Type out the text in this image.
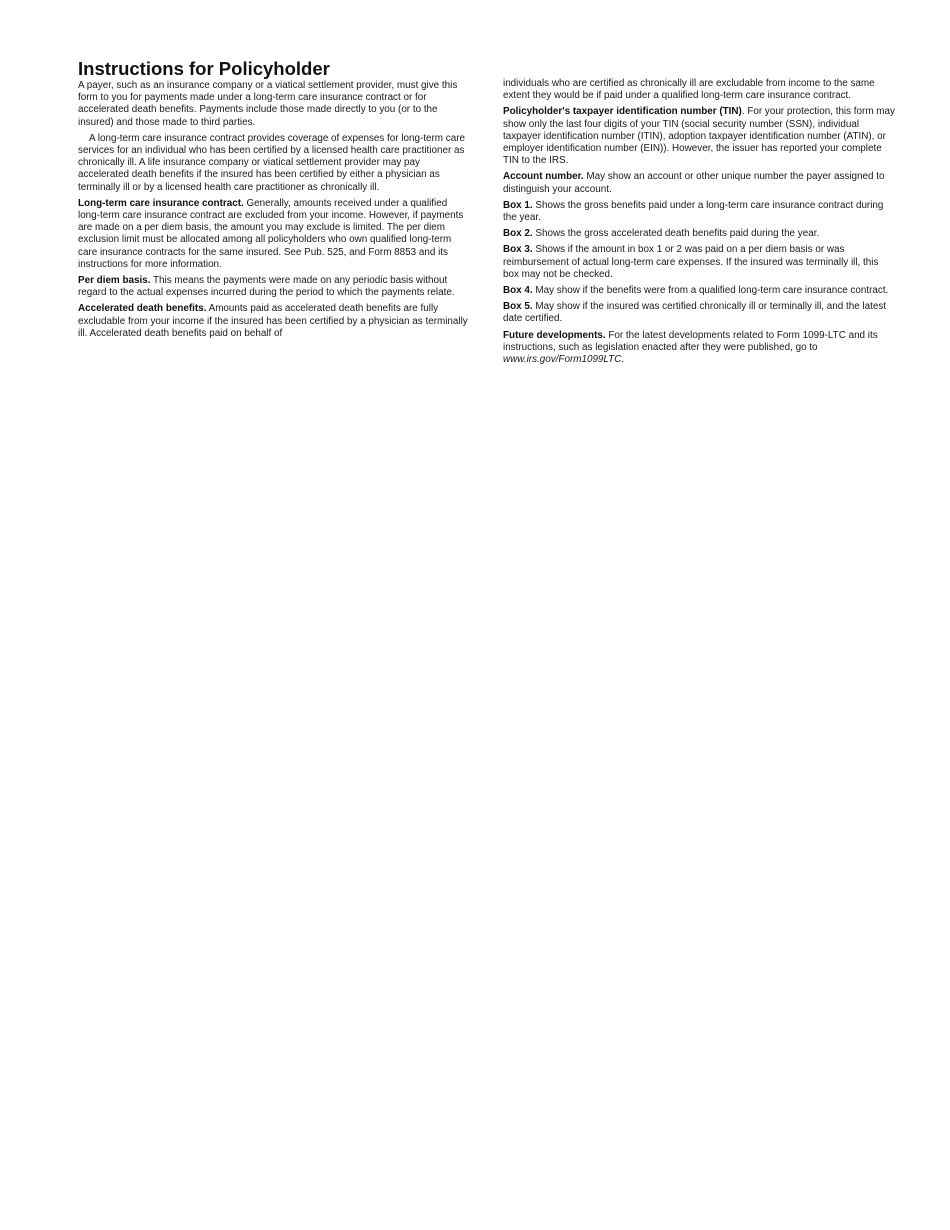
Instructions for Policyholder

A payer, such as an insurance company or a viatical settlement provider, must give this form to you for payments made under a long-term care insurance contract or for accelerated death benefits. Payments include those made directly to you (or to the insured) and those made to third parties.

A long-term care insurance contract provides coverage of expenses for long-term care services for an individual who has been certified by a licensed health care practitioner as chronically ill. A life insurance company or viatical settlement provider may pay accelerated death benefits if the insured has been certified by either a physician as terminally ill or by a licensed health care practitioner as chronically ill.

Long-term care insurance contract. Generally, amounts received under a qualified long-term care insurance contract are excluded from your income. However, if payments are made on a per diem basis, the amount you may exclude is limited. The per diem exclusion limit must be allocated among all policyholders who own qualified long-term care insurance contracts for the same insured. See Pub. 525, and Form 8853 and its instructions for more information.

Per diem basis. This means the payments were made on any periodic basis without regard to the actual expenses incurred during the period to which the payments relate.

Accelerated death benefits. Amounts paid as accelerated death benefits are fully excludable from your income if the insured has been certified by a physician as terminally ill. Accelerated death benefits paid on behalf of

individuals who are certified as chronically ill are excludable from income to the same extent they would be if paid under a qualified long-term care insurance contract.

Policyholder's taxpayer identification number (TIN). For your protection, this form may show only the last four digits of your TIN (social security number (SSN), individual taxpayer identification number (ITIN), adoption taxpayer identification number (ATIN), or employer identification number (EIN)). However, the issuer has reported your complete TIN to the IRS.

Account number. May show an account or other unique number the payer assigned to distinguish your account.

Box 1. Shows the gross benefits paid under a long-term care insurance contract during the year.

Box 2. Shows the gross accelerated death benefits paid during the year.

Box 3. Shows if the amount in box 1 or 2 was paid on a per diem basis or was reimbursement of actual long-term care expenses. If the insured was terminally ill, this box may not be checked.

Box 4. May show if the benefits were from a qualified long-term care insurance contract.

Box 5. May show if the insured was certified chronically ill or terminally ill, and the latest date certified.

Future developments. For the latest developments related to Form 1099-LTC and its instructions, such as legislation enacted after they were published, go to www.irs.gov/Form1099LTC.
